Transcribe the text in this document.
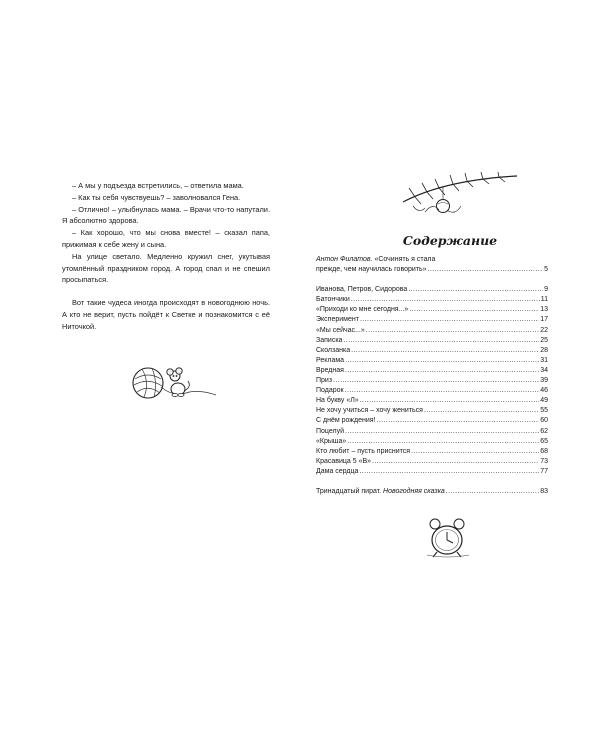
– А мы у подъезда встретились, – ответила мама.

– Как ты себя чувствуешь? – заволновался Гена.

– Отлично! – улыбнулась мама. – Врачи что-то напутали. Я абсолютно здорова.

– Как хорошо, что мы снова вместе! – сказал папа, прижимая к себе жену и сына.

На улице светало. Медленно кружил снег, укутывая утомлённый праздником город. А город спал и не спешил просыпаться.

Вот такие чудеса иногда происходят в новогоднюю ночь. А кто не верит, пусть пойдёт к Светке и познакомится с её Ниточкой.

Содержание
Антон Филатов. «Сочинять я стала
прежде, чем научилась говорить» .....	5
Иванова, Петров, Сидорова .....	9
Батончики .....	11
«Приходи ко мне сегодня...» .....	13
Эксперимент .....	17
«Мы сейчас...» .....	22
Записка .....	25
Сколзанка .....	28
Реклама .....	31
Вредная .....	34
Приз .....	39
Подарок .....	46
На букву «Л» .....	49
Не хочу учиться – хочу жениться .....	55
С днём рождения! .....	60
Поцелуй .....	62
«Крыша» .....	65
Кто любит – пусть приснится .....	68
Красавица 5 «В» .....	73
Дама сердца .....	77
Тринадцатый пират. Новогодняя сказка .....	83
